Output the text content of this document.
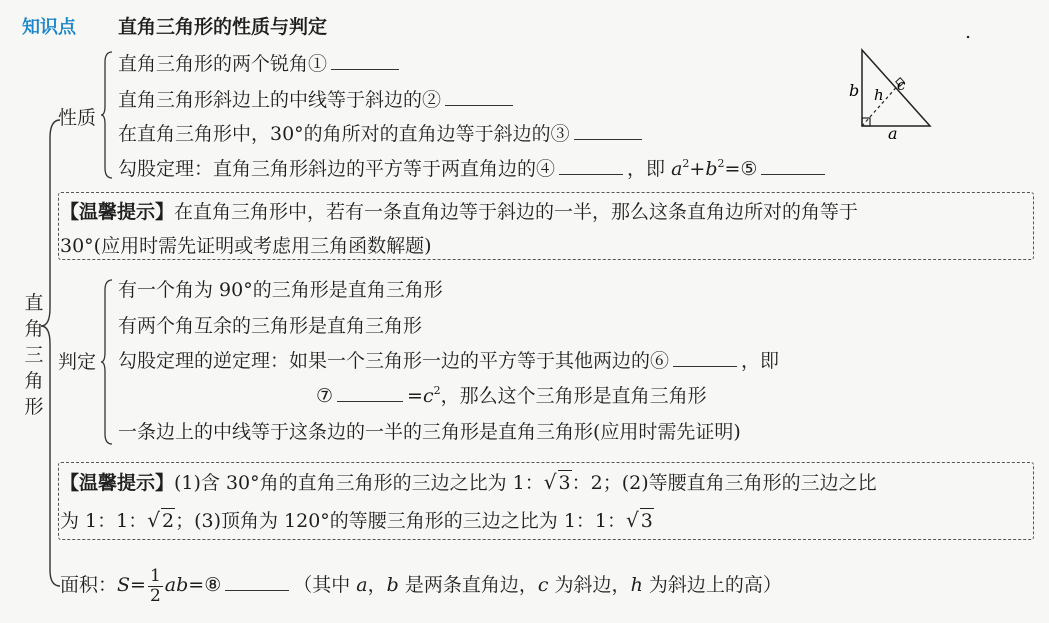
知识点 直角三角形的性质与判定	.
直
角
三
角
形
性质
直角三角形的两个锐角①
直角三角形斜边上的中线等于斜边的②
在直角三角形中，30°的角所对的直角边等于斜边的③
勾股定理：直角三角形斜边的平方等于两直角边的④	，即 $a^2+b^2=⑤$
b h
c
a
【温馨提示】在直角三角形中，若有一条直角边等于斜边的一半，那么这条直角边所对的角等于
30°(应用时需先证明或考虑用三角函数解题)
判定
有一个角为 90°的三角形是直角三角形
有两个角互余的三角形是直角三角形
勾股定理的逆定理：如果一个三角形一边的平方等于其他两边的⑥	，即
⑦	$=c^2$，那么这个三角形是直角三角形
一条边上的中线等于这条边的一半的三角形是直角三角形(应用时需先证明)
【温馨提示】(1)含 30°角的直角三角形的三边之比为 1：√ 3：2；(2)等腰直角三角形的三边之比
为 1：1：√ 2；(3)顶角为 120°的等腰三角形的三边之比为 1：1：√ 3
面积：$S= \frac{1}{2}$ ab=⑧	（其中 a，b 是两条直角边，c 为斜边，h 为斜边上的高）
